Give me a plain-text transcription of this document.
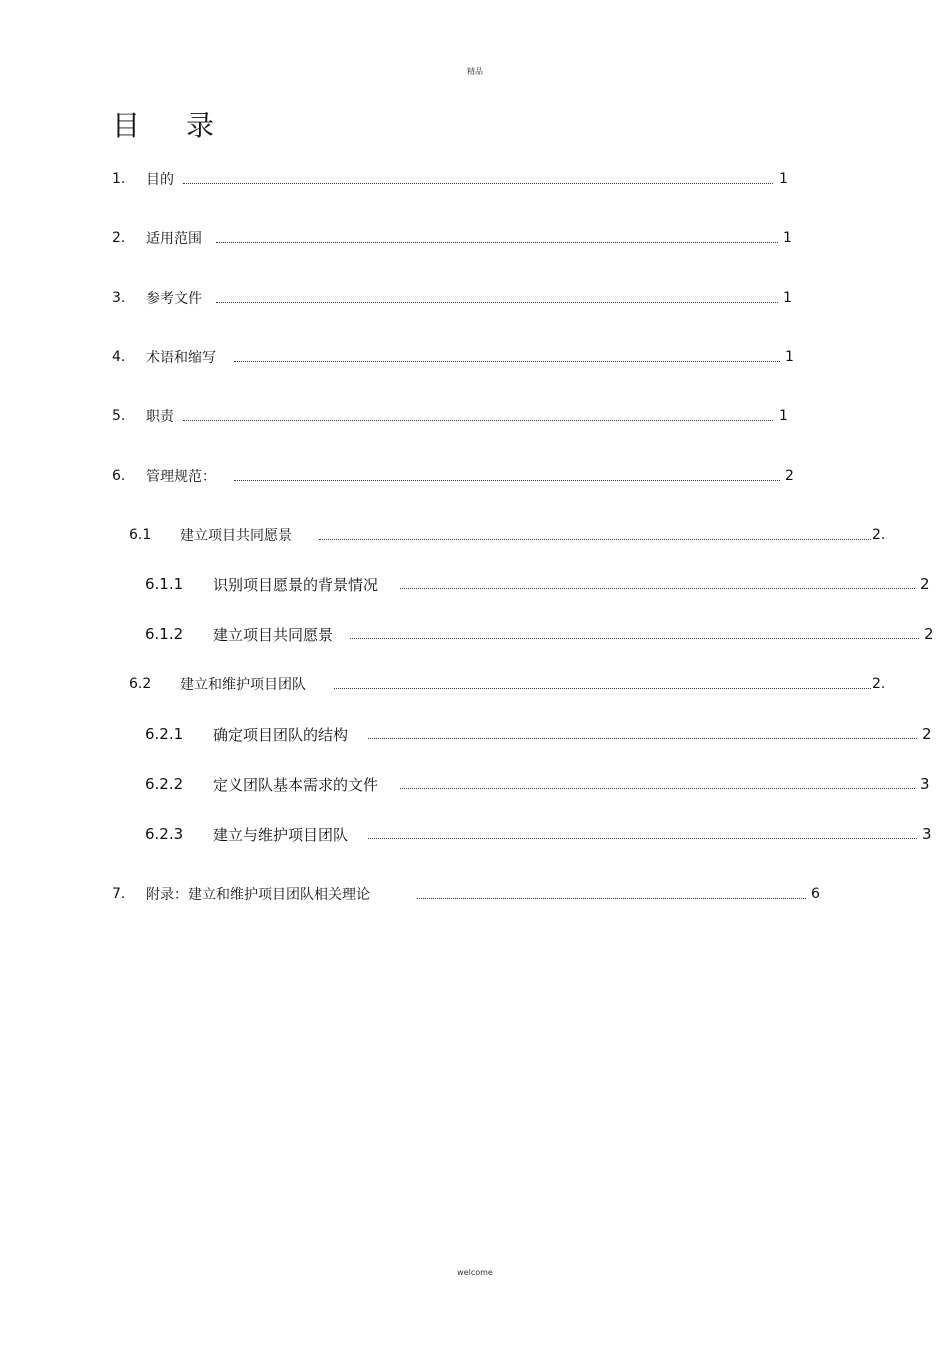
精品
目 录
1. 目的	1
2. 适用范围	1
3. 参考文件	1
4. 术语和缩写	1
5. 职责	1
6. 管理规范：	2
6.1 建立项目共同愿景	2.
6.1.1 识别项目愿景的背景情况	2
6.1.2 建立项目共同愿景	2
6.2 建立和维护项目团队	2.
6.2.1 确定项目团队的结构	2
6.2.2 定义团队基本需求的文件	3
6.2.3 建立与维护项目团队	3
7. 附录：建立和维护项目团队相关理论	6
welcome
